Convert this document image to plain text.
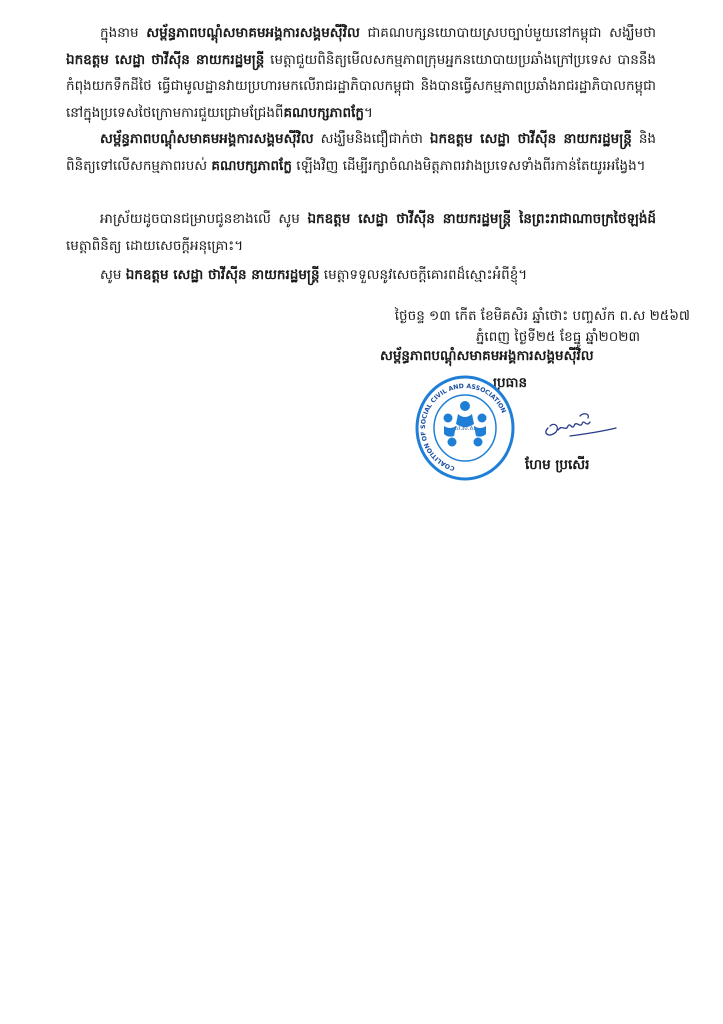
ក្នុងនាម សម្ព័ន្ធភាពបណ្តុំសមាគមអង្គការសង្គមស៊ីវិល ជាគណបក្សនយោបាយស្របច្បាប់មួយនៅកម្ពុជា សង្ឃឹមថា ឯកឧត្តម សេដ្ឋា ថាវីស៊ីន នាយករដ្ឋមន្ត្រី មេត្តាជួយពិនិត្យមើលសកម្មភាពក្រុមអ្នកនយោបាយប្រឆាំងក្រៅប្រទេស បាននឹងកំពុងយកទឹកដីថៃ ធ្វើជាមូលដ្ឋានវាយប្រហារមកលើរាជរដ្ឋាភិបាលកម្ពុជា និងបានធ្វើសកម្មភាពប្រឆាំងរាជរដ្ឋាភិបាលកម្ពុជានៅក្នុងប្រទេសថៃក្រោមការជួយជ្រោមជ្រែងពីគណបក្សភាពក្លែ។

សម្ព័ន្ធភាពបណ្តុំសមាគមអង្គការសង្គមស៊ីវិល សង្ឃឹមនិងជឿជាក់ថា ឯកឧត្តម សេដ្ឋា ថាវីស៊ីន នាយករដ្ឋមន្ត្រី និងពិនិត្យទៅលើសកម្មភាពរបស់ គណបក្សភាពក្លែ ឡើងវិញ ដើម្បីរក្សាចំណងមិត្តភាពរវាងប្រទេសទាំងពីរកាន់តែយូរអង្វែង។

អាស្រ័យដូចបានជម្រាបជូនខាងលើ សូម ឯកឧត្តម សេដ្ឋា ថាវីស៊ីន នាយករដ្ឋមន្ត្រី នៃព្រះរាជាណាចក្រថៃឡង់ដ៍ មេត្តាពិនិត្យ ដោយសេចក្តីអនុគ្រោះ។

សូម ឯកឧត្តម សេដ្ឋា ថាវីស៊ីន នាយករដ្ឋមន្ត្រី មេត្តាទទួលនូវសេចក្តីគោរពដ៏ស្មោះអំពីខ្ញុំ។

ថ្ងៃចន្ទ ១៣ កើត ខែមិគសិរ ឆ្នាំថោះ បញ្ចស័ក ព.ស ២៥៦៧

ភ្នំពេញ ថ្ងៃទី២៥ ខែធ្នូ ឆ្នាំ២០២៣

សម្ព័ន្ធភាពបណ្តុំសមាគមអង្គការសង្គមស៊ីវិល
ប្រធាន
ស.ស.ស
COALITION OF SOCIAL CIVIL AND ASSOCIATION
ហែម ប្រសើរ
